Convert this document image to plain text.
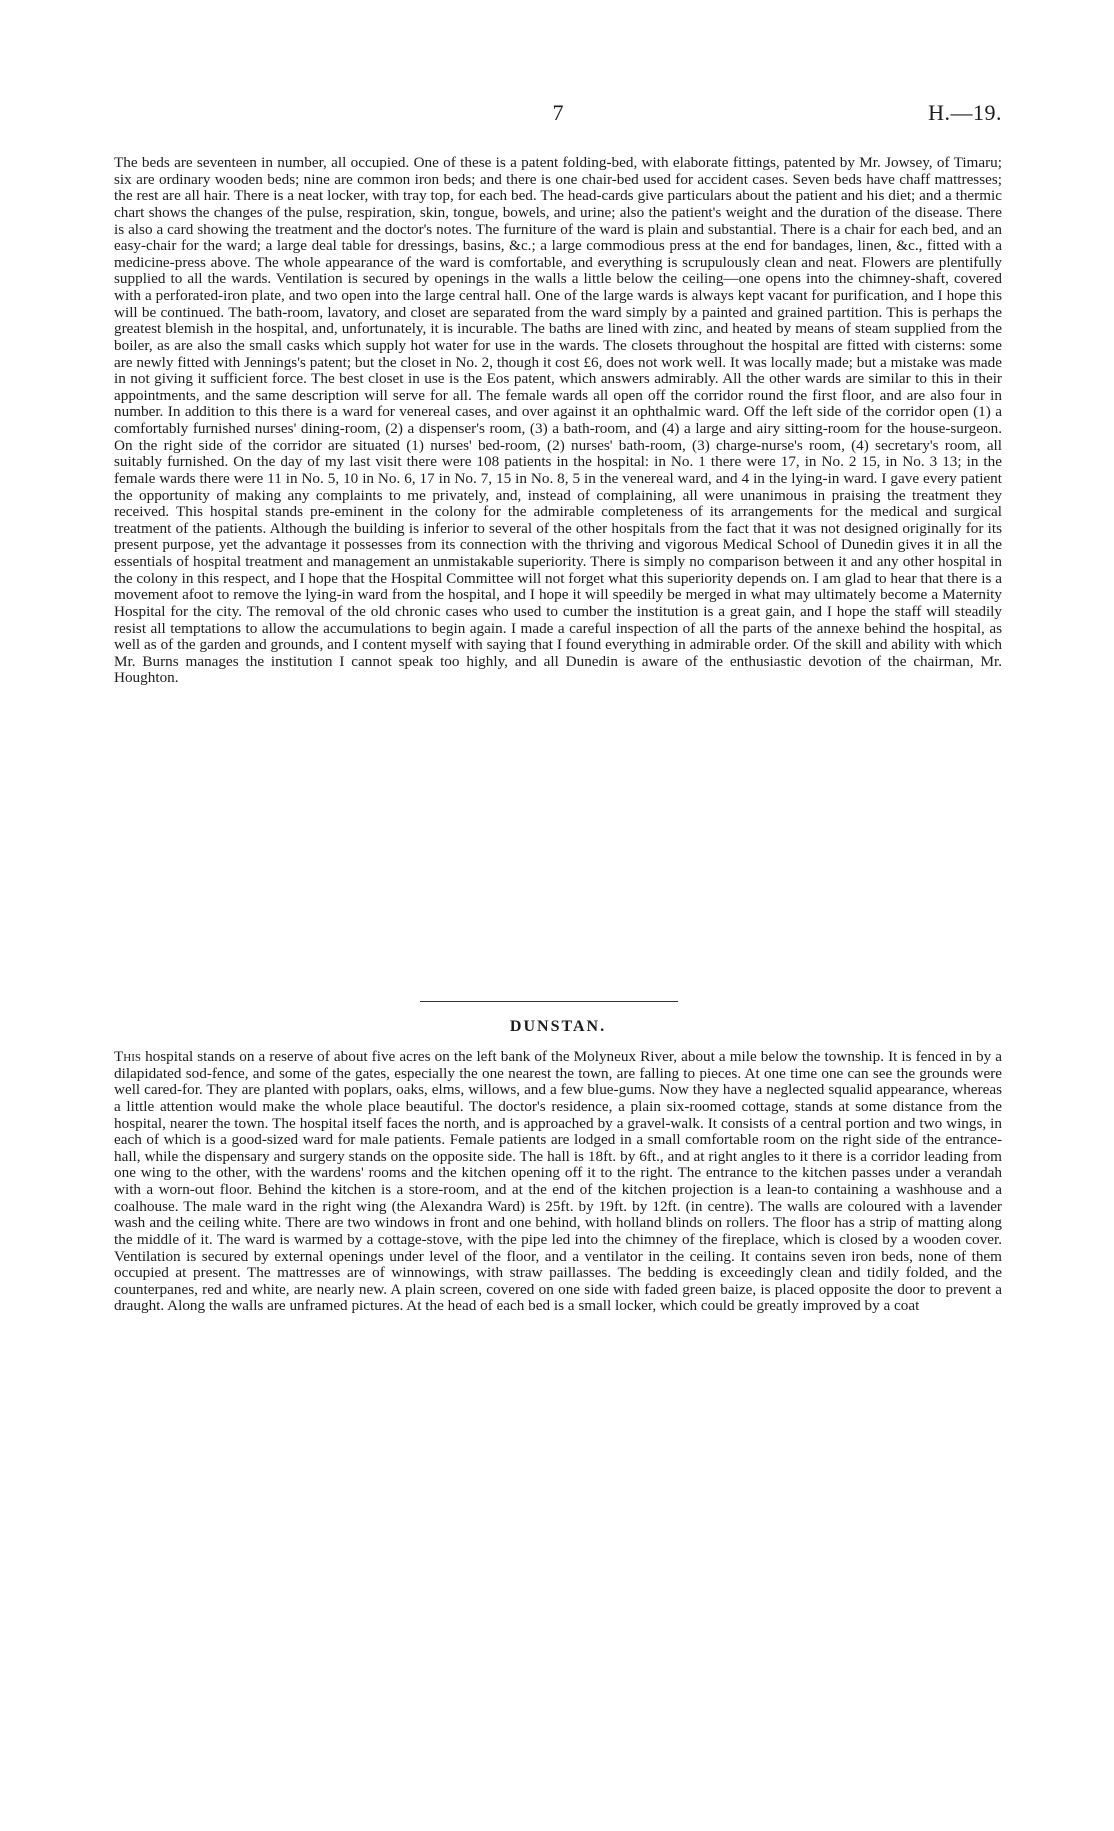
7	H.—19.

The beds are seventeen in number, all occupied. One of these is a patent folding-bed, with elaborate fittings, patented by Mr. Jowsey, of Timaru; six are ordinary wooden beds; nine are common iron beds; and there is one chair-bed used for accident cases. Seven beds have chaff mattresses; the rest are all hair. There is a neat locker, with tray top, for each bed. The head-cards give particulars about the patient and his diet; and a thermic chart shows the changes of the pulse, respiration, skin, tongue, bowels, and urine; also the patient's weight and the duration of the disease. There is also a card showing the treatment and the doctor's notes. The furniture of the ward is plain and substantial. There is a chair for each bed, and an easy-chair for the ward; a large deal table for dressings, basins, &c.; a large commodious press at the end for bandages, linen, &c., fitted with a medicine-press above. The whole appearance of the ward is comfortable, and everything is scrupulously clean and neat. Flowers are plentifully supplied to all the wards. Ventilation is secured by openings in the walls a little below the ceiling—one opens into the chimney-shaft, covered with a perforated-iron plate, and two open into the large central hall. One of the large wards is always kept vacant for purification, and I hope this will be continued. The bath-room, lavatory, and closet are separated from the ward simply by a painted and grained partition. This is perhaps the greatest blemish in the hospital, and, unfortunately, it is incurable. The baths are lined with zinc, and heated by means of steam supplied from the boiler, as are also the small casks which supply hot water for use in the wards. The closets throughout the hospital are fitted with cisterns: some are newly fitted with Jennings's patent; but the closet in No. 2, though it cost £6, does not work well. It was locally made; but a mistake was made in not giving it sufficient force. The best closet in use is the Eos patent, which answers admirably. All the other wards are similar to this in their appointments, and the same description will serve for all. The female wards all open off the corridor round the first floor, and are also four in number. In addition to this there is a ward for venereal cases, and over against it an ophthalmic ward. Off the left side of the corridor open (1) a comfortably furnished nurses' dining-room, (2) a dispenser's room, (3) a bath-room, and (4) a large and airy sitting-room for the house-surgeon. On the right side of the corridor are situated (1) nurses' bed-room, (2) nurses' bath-room, (3) charge-nurse's room, (4) secretary's room, all suitably furnished. On the day of my last visit there were 108 patients in the hospital: in No. 1 there were 17, in No. 2 15, in No. 3 13; in the female wards there were 11 in No. 5, 10 in No. 6, 17 in No. 7, 15 in No. 8, 5 in the venereal ward, and 4 in the lying-in ward. I gave every patient the opportunity of making any complaints to me privately, and, instead of complaining, all were unanimous in praising the treatment they received. This hospital stands pre-eminent in the colony for the admirable completeness of its arrangements for the medical and surgical treatment of the patients. Although the building is inferior to several of the other hospitals from the fact that it was not designed originally for its present purpose, yet the advantage it possesses from its connection with the thriving and vigorous Medical School of Dunedin gives it in all the essentials of hospital treatment and management an unmistakable superiority. There is simply no comparison between it and any other hospital in the colony in this respect, and I hope that the Hospital Committee will not forget what this superiority depends on. I am glad to hear that there is a movement afoot to remove the lying-in ward from the hospital, and I hope it will speedily be merged in what may ultimately become a Maternity Hospital for the city. The removal of the old chronic cases who used to cumber the institution is a great gain, and I hope the staff will steadily resist all temptations to allow the accumulations to begin again. I made a careful inspection of all the parts of the annexe behind the hospital, as well as of the garden and grounds, and I content myself with saying that I found everything in admirable order. Of the skill and ability with which Mr. Burns manages the institution I cannot speak too highly, and all Dunedin is aware of the enthusiastic devotion of the chairman, Mr. Houghton.

DUNSTAN.

This hospital stands on a reserve of about five acres on the left bank of the Molyneux River, about a mile below the township. It is fenced in by a dilapidated sod-fence, and some of the gates, especially the one nearest the town, are falling to pieces. At one time one can see the grounds were well cared-for. They are planted with poplars, oaks, elms, willows, and a few blue-gums. Now they have a neglected squalid appearance, whereas a little attention would make the whole place beautiful. The doctor's residence, a plain six-roomed cottage, stands at some distance from the hospital, nearer the town. The hospital itself faces the north, and is approached by a gravel-walk. It consists of a central portion and two wings, in each of which is a good-sized ward for male patients. Female patients are lodged in a small comfortable room on the right side of the entrance-hall, while the dispensary and surgery stands on the opposite side. The hall is 18ft. by 6ft., and at right angles to it there is a corridor leading from one wing to the other, with the wardens' rooms and the kitchen opening off it to the right. The entrance to the kitchen passes under a verandah with a worn-out floor. Behind the kitchen is a store-room, and at the end of the kitchen projection is a lean-to containing a washhouse and a coalhouse. The male ward in the right wing (the Alexandra Ward) is 25ft. by 19ft. by 12ft. (in centre). The walls are coloured with a lavender wash and the ceiling white. There are two windows in front and one behind, with holland blinds on rollers. The floor has a strip of matting along the middle of it. The ward is warmed by a cottage-stove, with the pipe led into the chimney of the fireplace, which is closed by a wooden cover. Ventilation is secured by external openings under level of the floor, and a ventilator in the ceiling. It contains seven iron beds, none of them occupied at present. The mattresses are of winnowings, with straw paillasses. The bedding is exceedingly clean and tidily folded, and the counterpanes, red and white, are nearly new. A plain screen, covered on one side with faded green baize, is placed opposite the door to prevent a draught. Along the walls are unframed pictures. At the head of each bed is a small locker, which could be greatly improved by a coat
